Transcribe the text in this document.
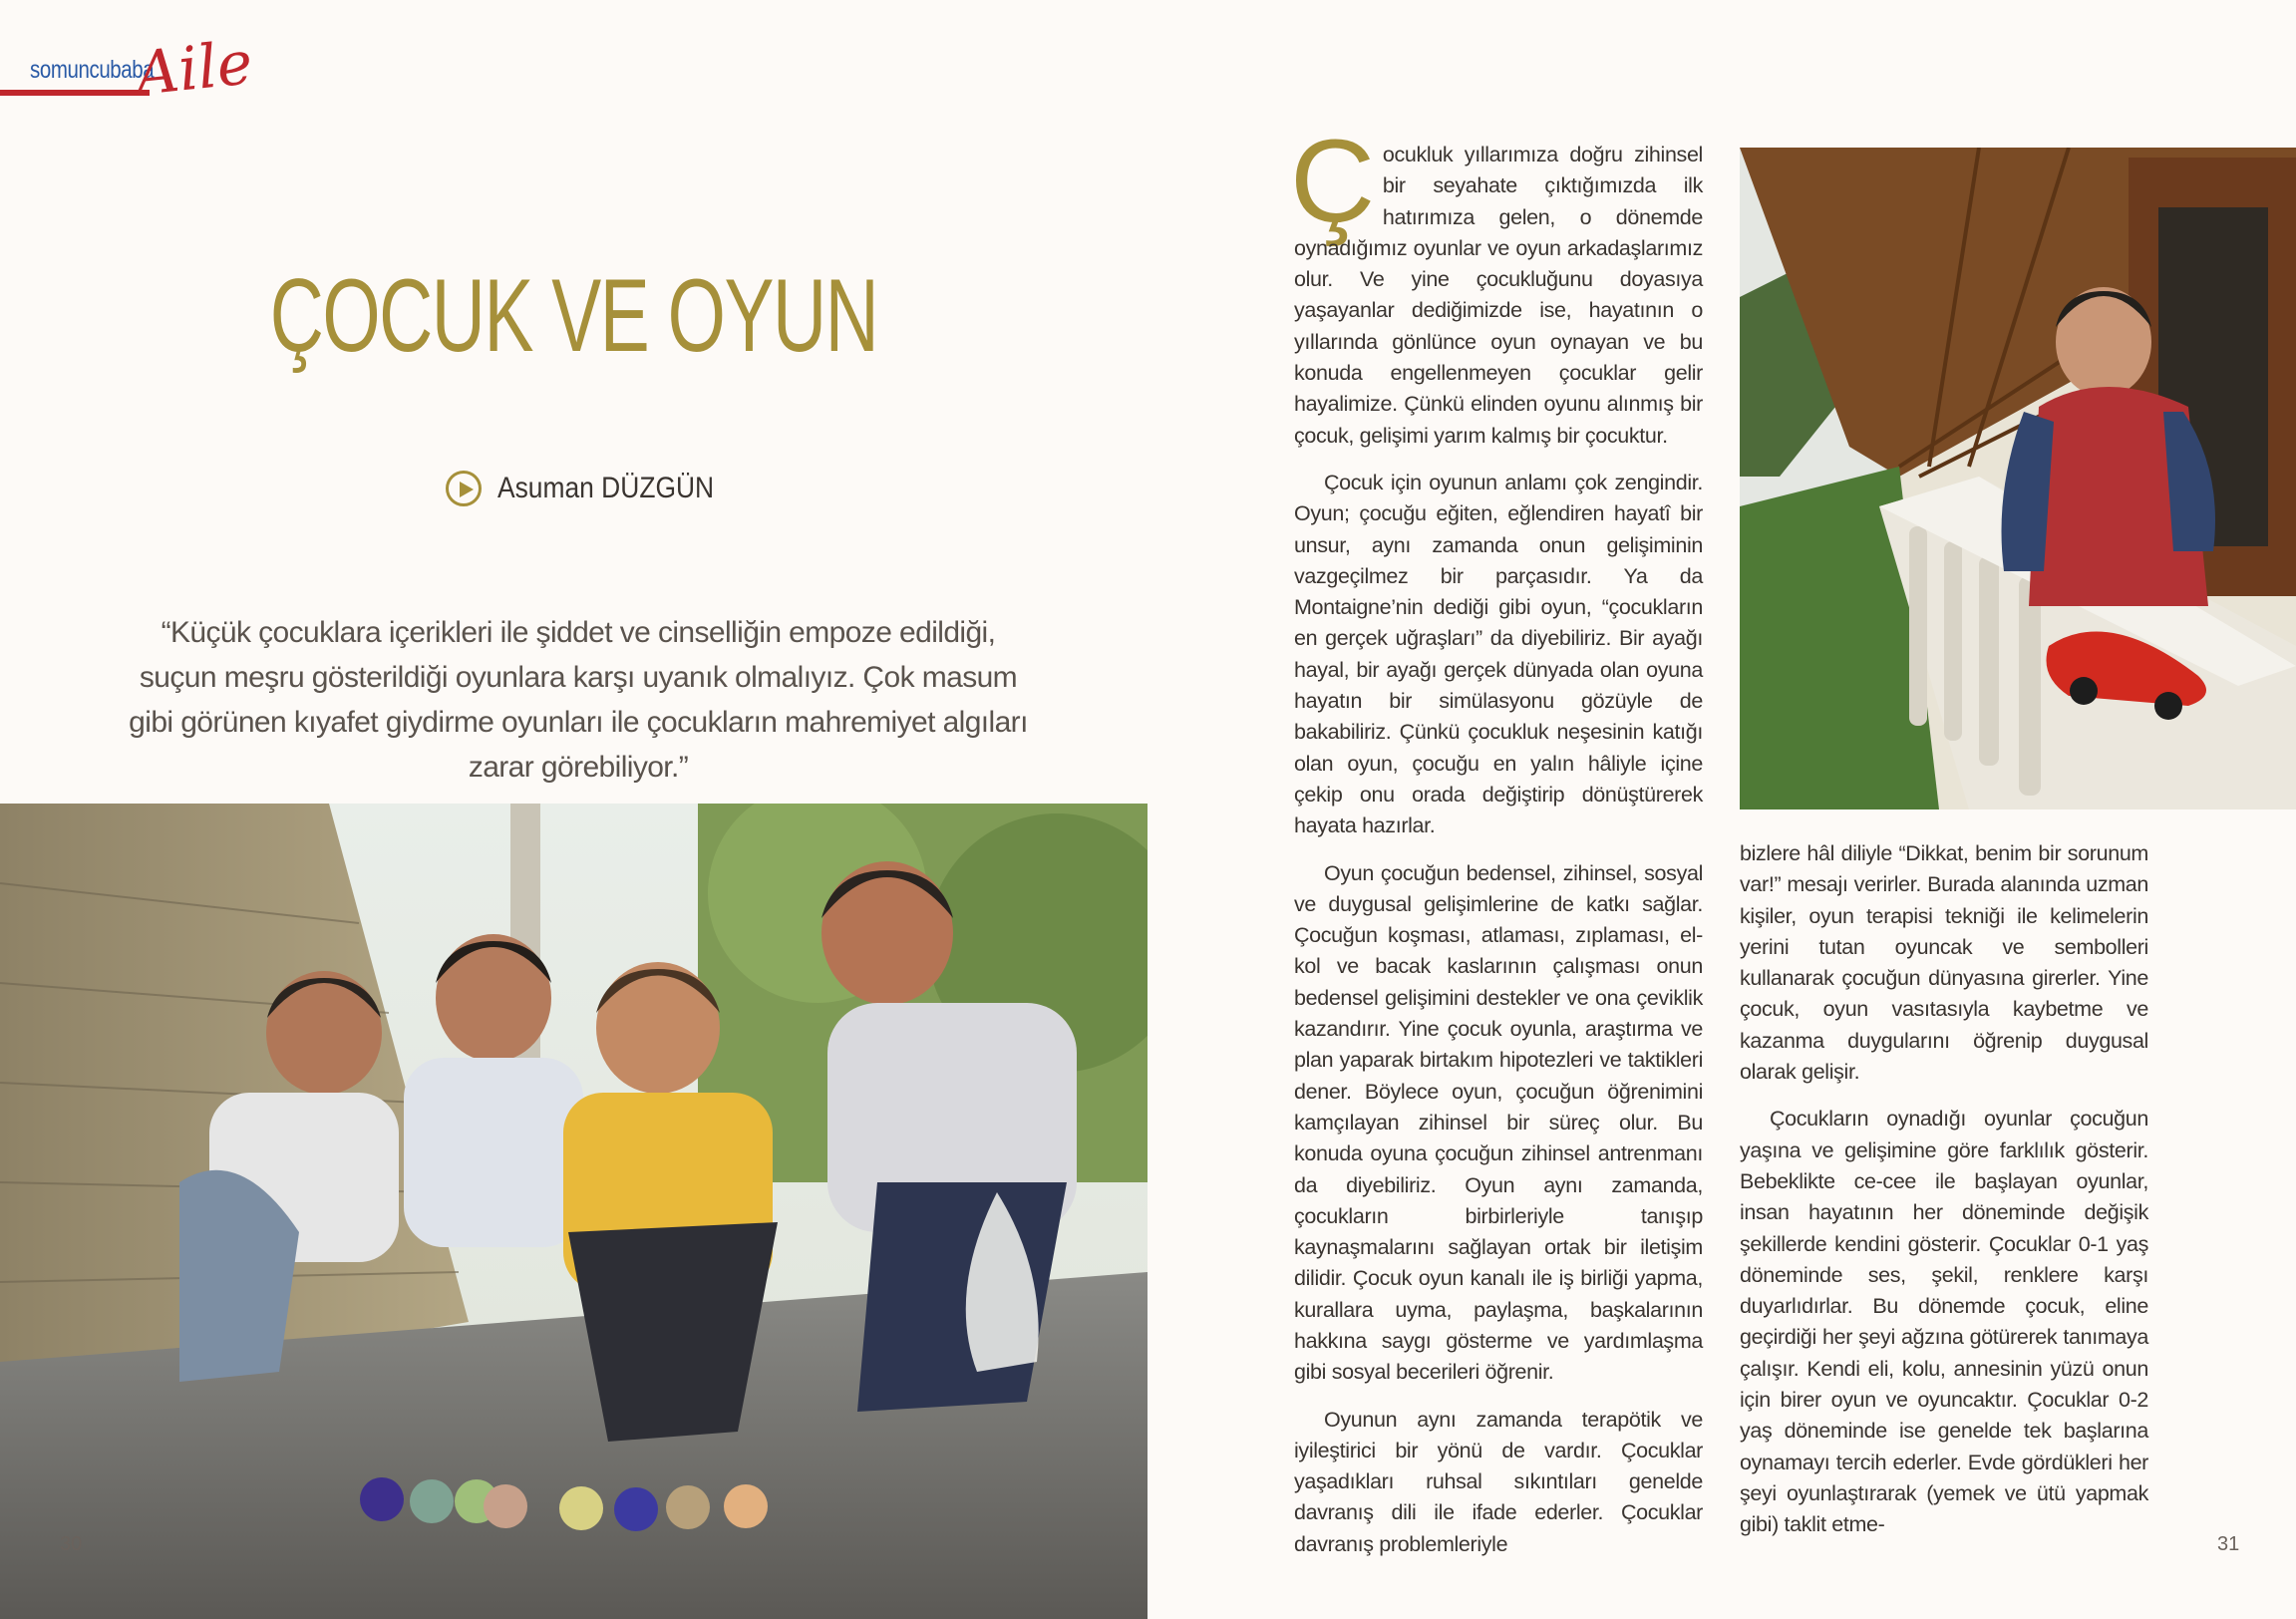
somuncubaba
Aile
ÇOCUK VE OYUN
Asuman DÜZGÜN
“Küçük çocuklara içerikleri ile şiddet ve cinselliğin empoze edildiği, suçun meşru gösterildiği oyunlara karşı uyanık olmalıyız. Çok masum gibi görünen kıyafet giydirme oyunları ile çocukların mahremiyet algıları zarar görebiliyor.”
30

Çocukluk yıllarımıza doğru zihinsel bir seyahate çıktığımızda ilk hatırımıza gelen, o dönemde oynadığımız oyunlar ve oyun arkadaşlarımız olur. Ve yine çocukluğunu doyasıya yaşayanlar dediğimizde ise, hayatının o yıllarında gönlünce oyun oynayan ve bu konuda engellenmeyen çocuklar gelir hayalimize. Çünkü elinden oyunu alınmış bir çocuk, gelişimi yarım kalmış bir çocuktur.

Çocuk için oyunun anlamı çok zengindir. Oyun; çocuğu eğiten, eğlendiren hayatî bir unsur, aynı zamanda onun gelişiminin vazgeçilmez bir parçasıdır. Ya da Montaigne’nin dediği gibi oyun, “çocukların en gerçek uğraşları” da diyebiliriz. Bir ayağı hayal, bir ayağı gerçek dünyada olan oyuna hayatın bir simülasyonu gözüyle de bakabiliriz. Çünkü çocukluk neşesinin katığı olan oyun, çocuğu en yalın hâliyle içine çekip onu orada değiştirip dönüştürerek hayata hazırlar.

Oyun çocuğun bedensel, zihinsel, sosyal ve duygusal gelişimlerine de katkı sağlar. Çocuğun koşması, atlaması, zıplaması, el-kol ve bacak kaslarının çalışması onun bedensel gelişimini destekler ve ona çeviklik kazandırır. Yine çocuk oyunla, araştırma ve plan yaparak birtakım hipotezleri ve taktikleri dener. Böylece oyun, çocuğun öğrenimini kamçılayan zihinsel bir süreç olur. Bu konuda oyuna çocuğun zihinsel antrenmanı da diyebiliriz. Oyun aynı zamanda, çocukların birbirleriyle tanışıp kaynaşmalarını sağlayan ortak bir iletişim dilidir. Çocuk oyun kanalı ile iş birliği yapma, kurallara uyma, paylaşma, başkalarının hakkına saygı gösterme ve yardımlaşma gibi sosyal becerileri öğrenir.

Oyunun aynı zamanda terapötik ve iyileştirici bir yönü de vardır. Çocuklar yaşadıkları ruhsal sıkıntıları genelde davranış dili ile ifade ederler. Çocuklar davranış problemleriyle

bizlere hâl diliyle “Dikkat, benim bir sorunum var!” mesajı verirler. Burada alanında uzman kişiler, oyun terapisi tekniği ile kelimelerin yerini tutan oyuncak ve sembolleri kullanarak çocuğun dünyasına girerler. Yine çocuk, oyun vasıtasıyla kaybetme ve kazanma duygularını öğrenip duygusal olarak gelişir.

Çocukların oynadığı oyunlar çocuğun yaşına ve gelişimine göre farklılık gösterir. Bebeklikte ce-cee ile başlayan oyunlar, insan hayatının her döneminde değişik şekillerde kendini gösterir. Çocuklar 0-1 yaş döneminde ses, şekil, renklere karşı duyarlıdırlar. Bu dönemde çocuk, eline geçirdiği her şeyi ağzına götürerek tanımaya çalışır. Kendi eli, kolu, annesinin yüzü onun için birer oyun ve oyuncaktır. Çocuklar 0-2 yaş döneminde ise genelde tek başlarına oynamayı tercih ederler. Evde gördükleri her şeyi oyunlaştırarak (yemek ve ütü yapmak gibi) taklit etme-

31
